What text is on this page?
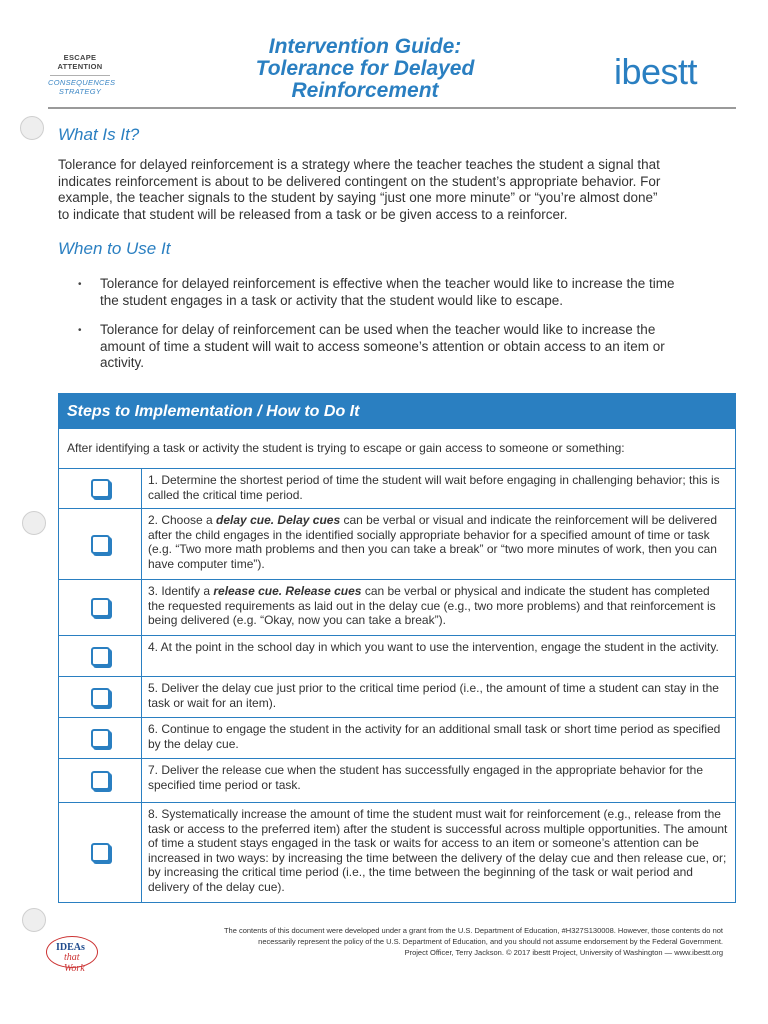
ESCAPE
ATTENTION
CONSEQUENCES
STRATEGY
Intervention Guide:
Tolerance for Delayed
Reinforcement	ibestt
What Is It?
Tolerance for delayed reinforcement is a strategy where the teacher teaches the student a signal that
indicates reinforcement is about to be delivered contingent on the student’s appropriate behavior. For
example, the teacher signals to the student by saying “just one more minute” or “you’re almost done”
to indicate that student will be released from a task or be given access to a reinforcer.
When to Use It
• Tolerance for delayed reinforcement is effective when the teacher would like to increase the time
the student engages in a task or activity that the student would like to escape.
• Tolerance for delay of reinforcement can be used when the teacher would like to increase the
amount of time a student will wait to access someone’s attention or obtain access to an item or
activity.
Steps to Implementation / How to Do It
After identifying a task or activity the student is trying to escape or gain access to someone or something:
1. Determine the shortest period of time the student will wait before engaging in challenging behavior; this is called the critical time period.
2. Choose a delay cue. Delay cues can be verbal or visual and indicate the reinforcement will be delivered after the child engages in the identified socially appropriate behavior for a specified amount of time or task (e.g. “Two more math problems and then you can take a break” or “two more minutes of work, then you can have computer time”).
3. Identify a release cue. Release cues can be verbal or physical and indicate the student has completed the requested requirements as laid out in the delay cue (e.g., two more problems) and that reinforcement is being delivered (e.g. “Okay, now you can take a break”).
4. At the point in the school day in which you want to use the intervention, engage the student in the activity.
5. Deliver the delay cue just prior to the critical time period (i.e., the amount of time a student can stay in the task or wait for an item).
6. Continue to engage the student in the activity for an additional small task or short time period as specified by the delay cue.
7. Deliver the release cue when the student has successfully engaged in the appropriate behavior for the specified time period or task.
8. Systematically increase the amount of time the student must wait for reinforcement (e.g., release from the task or access to the preferred item) after the student is successful across multiple opportunities. The amount of time a student stays engaged in the task or waits for access to an item or someone’s attention can be increased in two ways: by increasing the time between the delivery of the delay cue and then release cue, or; by increasing the critical time period (i.e., the time between the beginning of the task or wait period and delivery of the delay cue).
IDEAs
that Work
The contents of this document were developed under a grant from the U.S. Department of Education, #H327S130008. However, those contents do not
necessarily represent the policy of the U.S. Department of Education, and you should not assume endorsement by the Federal Government.
Project Officer, Terry Jackson. © 2017 ibestt Project, University of Washington — www.ibestt.org
